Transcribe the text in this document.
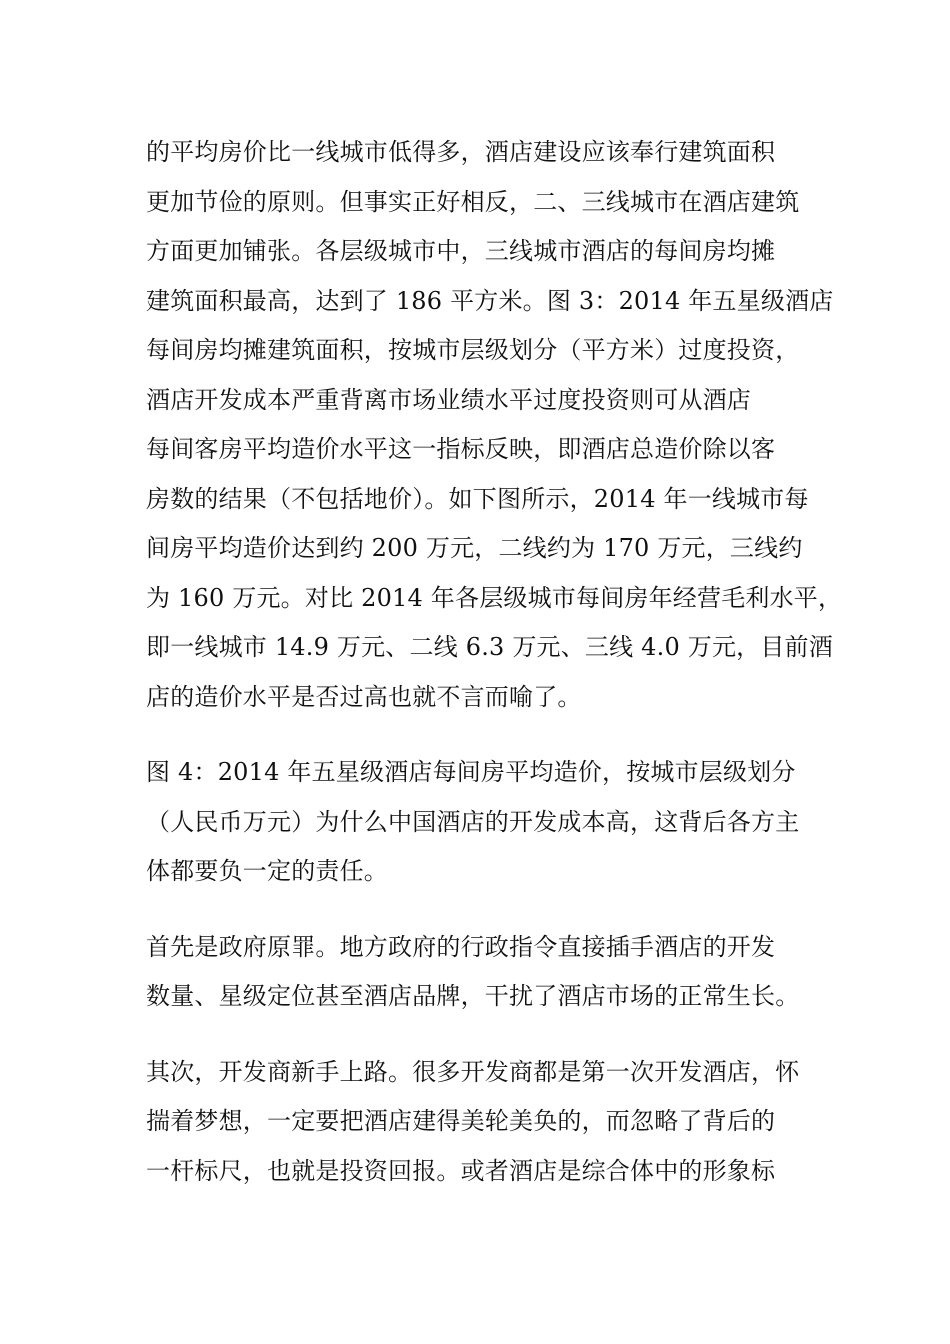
的平均房价比一线城市低得多，酒店建设应该奉行建筑面积
更加节俭的原则。但事实正好相反，二、三线城市在酒店建筑
方面更加铺张。各层级城市中，三线城市酒店的每间房均摊
建筑面积最高，达到了 186 平方米。图 3：2014 年五星级酒店
每间房均摊建筑面积，按城市层级划分（平方米）过度投资，
酒店开发成本严重背离市场业绩水平过度投资则可从酒店
每间客房平均造价水平这一指标反映，即酒店总造价除以客
房数的结果（不包括地价）。如下图所示，2014 年一线城市每
间房平均造价达到约 200 万元，二线约为 170 万元，三线约
为 160 万元。对比 2014 年各层级城市每间房年经营毛利水平，
即一线城市 14.9 万元、二线 6.3 万元、三线 4.0 万元，目前酒
店的造价水平是否过高也就不言而喻了。
图 4：2014 年五星级酒店每间房平均造价，按城市层级划分
（人民币万元）为什么中国酒店的开发成本高，这背后各方主
体都要负一定的责任。
首先是政府原罪。地方政府的行政指令直接插手酒店的开发
数量、星级定位甚至酒店品牌，干扰了酒店市场的正常生长。
其次，开发商新手上路。很多开发商都是第一次开发酒店，怀
揣着梦想，一定要把酒店建得美轮美奂的，而忽略了背后的
一杆标尺，也就是投资回报。或者酒店是综合体中的形象标
